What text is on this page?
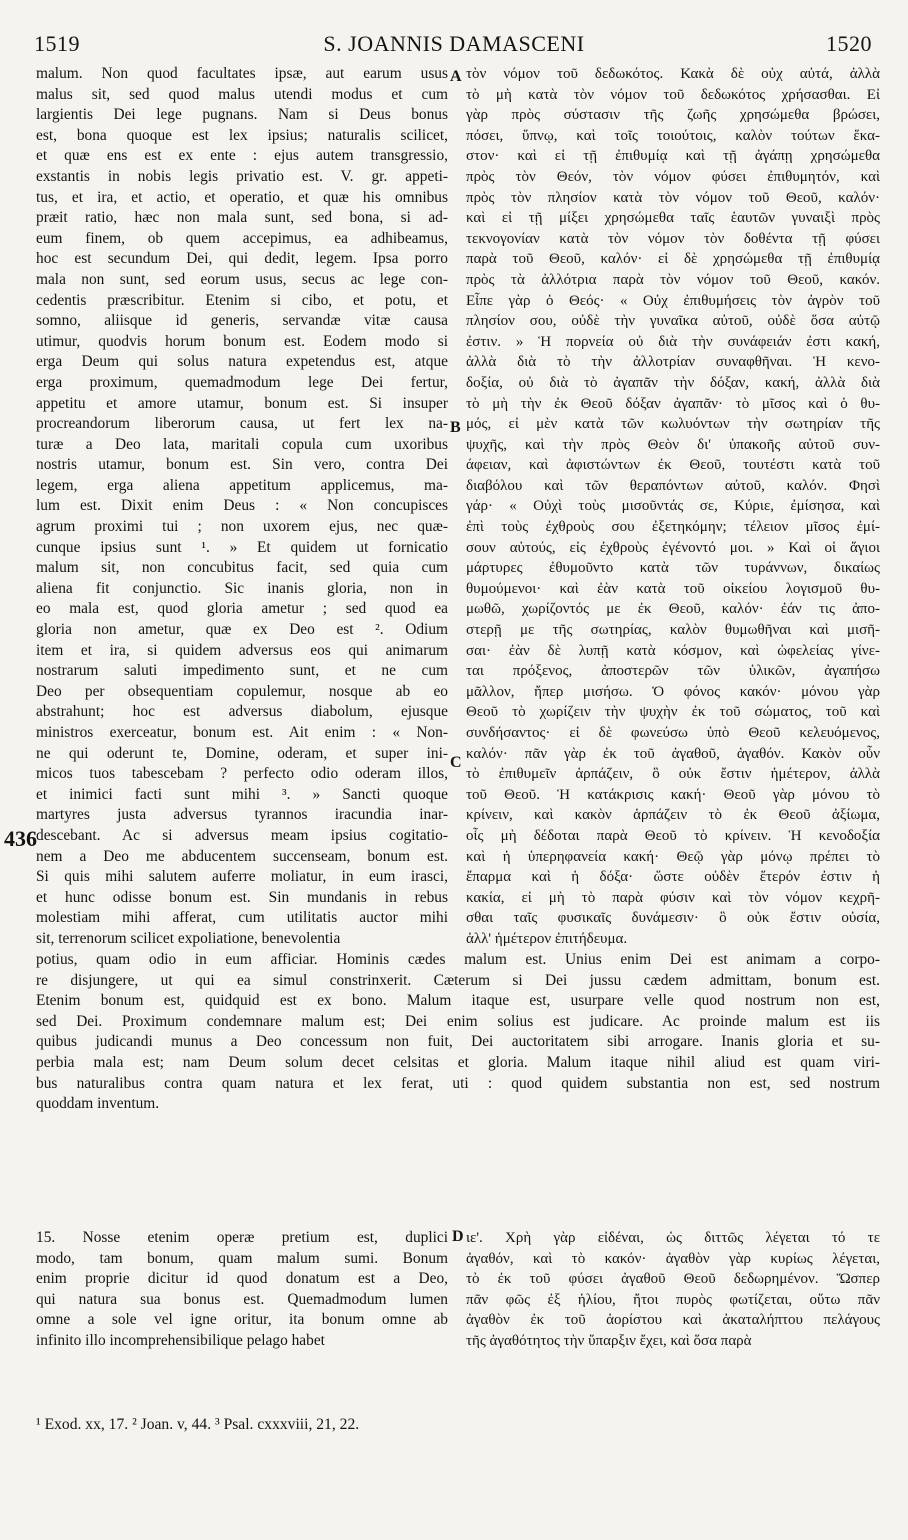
1519	S. JOANNIS DAMASCENI	1520
A
B
C
D
436
malum. Non quod facultates ipsæ, aut earum usus
malus sit, sed quod malus utendi modus et cum
largientis Dei lege pugnans. Nam si Deus bonus
est, bona quoque est lex ipsius; naturalis scilicet,
et quæ ens est ex ente : ejus autem transgressio,
exstantis in nobis legis privatio est. V. gr. appeti-
tus, et ira, et actio, et operatio, et quæ his omnibus
præit ratio, hæc non mala sunt, sed bona, si ad-
eum finem, ob quem accepimus, ea adhibeamus,
hoc est secundum Dei, qui dedit, legem. Ipsa porro
mala non sunt, sed eorum usus, secus ac lege con-
cedentis præscribitur. Etenim si cibo, et potu, et
somno, aliisque id generis, servandæ vitæ causa
utimur, quodvis horum bonum est. Eodem modo si
erga Deum qui solus natura expetendus est, atque
erga proximum, quemadmodum lege Dei fertur,
appetitu et amore utamur, bonum est. Si insuper
procreandorum liberorum causa, ut fert lex na-
turæ a Deo lata, maritali copula cum uxoribus
nostris utamur, bonum est. Sin vero, contra Dei
legem, erga aliena appetitum applicemus, ma-
lum est. Dixit enim Deus : « Non concupisces
agrum proximi tui ; non uxorem ejus, nec quæ-
cunque ipsius sunt ¹. » Et quidem ut fornicatio
malum sit, non concubitus facit, sed quia cum
aliena fit conjunctio. Sic inanis gloria, non in
eo mala est, quod gloria ametur ; sed quod ea
gloria non ametur, quæ ex Deo est ². Odium
item et ira, si quidem adversus eos qui animarum
nostrarum saluti impedimento sunt, et ne cum
Deo per obsequentiam copulemur, nosque ab eo
abstrahunt; hoc est adversus diabolum, ejusque
ministros exerceatur, bonum est. Ait enim : « Non-
ne qui oderunt te, Domine, oderam, et super ini-
micos tuos tabescebam ? perfecto odio oderam illos,
et inimici facti sunt mihi ³. » Sancti quoque
martyres justa adversus tyrannos iracundia inar-
descebant. Ac si adversus meam ipsius cogitatio-
nem a Deo me abducentem succenseam, bonum est.
Si quis mihi salutem auferre moliatur, in eum irasci,
et hunc odisse bonum est. Sin mundanis in rebus
molestiam mihi afferat, cum utilitatis auctor mihi
sit, terrenorum scilicet expoliatione, benevolentia
τὸν νόμον τοῦ δεδωκότος. Κακὰ δὲ οὐχ αὐτά, ἀλλὰ
τὸ μὴ κατὰ τὸν νόμον τοῦ δεδωκότος χρήσασθαι. Εἰ
γὰρ πρὸς σύστασιν τῆς ζωῆς χρησώμεθα βρώσει,
πόσει, ὕπνῳ, καὶ τοῖς τοιούτοις, καλὸν τούτων ἕκα-
στον· καὶ εἰ τῇ ἐπιθυμίᾳ καὶ τῇ ἀγάπῃ χρησώμεθα
πρὸς τὸν Θεόν, τὸν νόμον φύσει ἐπιθυμητόν, καὶ
πρὸς τὸν πλησίον κατὰ τὸν νόμον τοῦ Θεοῦ, καλόν·
καὶ εἰ τῇ μίξει χρησώμεθα ταῖς ἑαυτῶν γυναιξὶ πρὸς
τεκνογονίαν κατὰ τὸν νόμον τὸν δοθέντα τῇ φύσει
παρὰ τοῦ Θεοῦ, καλόν· εἰ δὲ χρησώμεθα τῇ ἐπιθυμίᾳ
πρὸς τὰ ἀλλότρια παρὰ τὸν νόμον τοῦ Θεοῦ, κακόν.
Εἶπε γὰρ ὁ Θεός· « Οὐχ ἐπιθυμήσεις τὸν ἀγρὸν τοῦ
πλησίον σου, οὐδὲ τὴν γυναῖκα αὐτοῦ, οὐδὲ ὅσα αὐτῷ
ἐστιν. » Ἡ πορνεία οὐ διὰ τὴν συνάφειάν ἐστι κακή,
ἀλλὰ διὰ τὸ τὴν ἀλλοτρίαν συναφθῆναι. Ἡ κενο-
δοξία, οὐ διὰ τὸ ἀγαπᾶν τὴν δόξαν, κακή, ἀλλὰ διὰ
τὸ μὴ τὴν ἐκ Θεοῦ δόξαν ἀγαπᾶν· τὸ μῖσος καὶ ὁ θυ-
μός, εἰ μὲν κατὰ τῶν κωλυόντων τὴν σωτηρίαν τῆς
ψυχῆς, καὶ τὴν πρὸς Θεὸν δι' ὑπακοῆς αὐτοῦ συν-
άφειαν, καὶ ἀφιστώντων ἐκ Θεοῦ, τουτέστι κατὰ τοῦ
διαβόλου καὶ τῶν θεραπόντων αὐτοῦ, καλόν. Φησὶ
γάρ· « Οὐχὶ τοὺς μισοῦντάς σε, Κύριε, ἐμίσησα, καὶ
ἐπὶ τοὺς ἐχθροὺς σου ἐξετηκόμην; τέλειον μῖσος ἐμί-
σουν αὐτούς, εἰς ἐχθροὺς ἐγένοντό μοι. » Καὶ οἱ ἅγιοι
μάρτυρες ἐθυμοῦντο κατὰ τῶν τυράννων, δικαίως
θυμούμενοι· καὶ ἐὰν κατὰ τοῦ οἰκείου λογισμοῦ θυ-
μωθῶ, χωρίζοντός με ἐκ Θεοῦ, καλόν· ἐάν τις ἀπο-
στερῇ με τῆς σωτηρίας, καλὸν θυμωθῆναι καὶ μισῆ-
σαι· ἐὰν δὲ λυπῇ κατὰ κόσμον, καὶ ὠφελείας γίνε-
ται πρόξενος, ἀποστερῶν τῶν ὑλικῶν, ἀγαπήσω
μᾶλλον, ἤπερ μισήσω. Ὁ φόνος κακόν· μόνου γὰρ
Θεοῦ τὸ χωρίζειν τὴν ψυχὴν ἐκ τοῦ σώματος, τοῦ καὶ
συνδήσαντος· εἰ δὲ φωνεύσω ὑπὸ Θεοῦ κελευόμενος,
καλόν· πᾶν γὰρ ἐκ τοῦ ἀγαθοῦ, ἀγαθόν. Κακὸν οὖν
τὸ ἐπιθυμεῖν ἁρπάζειν, ὃ οὐκ ἔστιν ἡμέτερον, ἀλλὰ
τοῦ Θεοῦ. Ἡ κατάκρισις κακή· Θεοῦ γὰρ μόνου τὸ
κρίνειν, καὶ κακὸν ἁρπάζειν τὸ ἐκ Θεοῦ ἀξίωμα,
οἷς μὴ δέδοται παρὰ Θεοῦ τὸ κρίνειν. Ἡ κενοδοξία
καὶ ἡ ὑπερηφανεία κακή· Θεῷ γὰρ μόνῳ πρέπει τὸ
ἔπαρμα καὶ ἡ δόξα· ὥστε οὐδὲν ἕτερόν ἐστιν ἡ
κακία, εἰ μὴ τὸ παρὰ φύσιν καὶ τὸν νόμον κεχρῆ-
σθαι ταῖς φυσικαῖς δυνάμεσιν· ὃ οὐκ ἔστιν οὐσία,
ἀλλ' ἡμέτερον ἐπιτήδευμα.
potius, quam odio in eum afficiar. Hominis cædes malum est. Unius enim Dei est animam a corpo-
re disjungere, ut qui ea simul constrinxerit. Cæterum si Dei jussu cædem admittam, bonum est.
Etenim bonum est, quidquid est ex bono. Malum itaque est, usurpare velle quod nostrum non est,
sed Dei. Proximum condemnare malum est; Dei enim solius est judicare. Ac proinde malum est iis
quibus judicandi munus a Deo concessum non fuit, Dei auctoritatem sibi arrogare. Inanis gloria et su-
perbia mala est; nam Deum solum decet celsitas et gloria. Malum itaque nihil aliud est quam viri-
bus naturalibus contra quam natura et lex ferat, uti : quod quidem substantia non est, sed nostrum
quoddam inventum.
15. Nosse etenim operæ pretium est, duplici
modo, tam bonum, quam malum sumi. Bonum
enim proprie dicitur id quod donatum est a Deo,
qui natura sua bonus est. Quemadmodum lumen
omne a sole vel igne oritur, ita bonum omne ab
infinito illo incomprehensibilique pelago habet
ιε'. Χρὴ γὰρ εἰδέναι, ὡς διττῶς λέγεται τό τε
ἀγαθόν, καὶ τὸ κακόν· ἀγαθὸν γὰρ κυρίως λέγεται,
τὸ ἐκ τοῦ φύσει ἀγαθοῦ Θεοῦ δεδωρημένον. Ὥσπερ
πᾶν φῶς ἐξ ἡλίου, ἤτοι πυρὸς φωτίζεται, οὕτω πᾶν
ἀγαθὸν ἐκ τοῦ ἀορίστου καὶ ἀκαταλήπτου πελάγους
τῆς ἀγαθότητος τὴν ὕπαρξιν ἔχει, καὶ ὅσα παρὰ
¹ Exod. xx, 17. ² Joan. v, 44. ³ Psal. cxxxviii, 21, 22.
